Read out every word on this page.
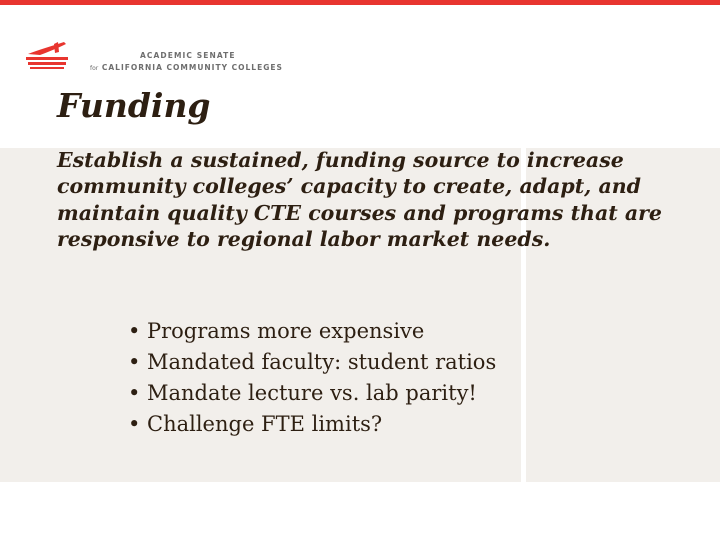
ACADEMIC SENATE
for CALIFORNIA COMMUNITY COLLEGES
Funding

Establish a sustained, funding source to increase community colleges’ capacity to create, adapt, and maintain quality CTE courses and programs that are responsive to regional labor market needs.

• Programs more expensive
• Mandated faculty: student ratios
• Mandate lecture vs. lab parity!
• Challenge FTE limits?
